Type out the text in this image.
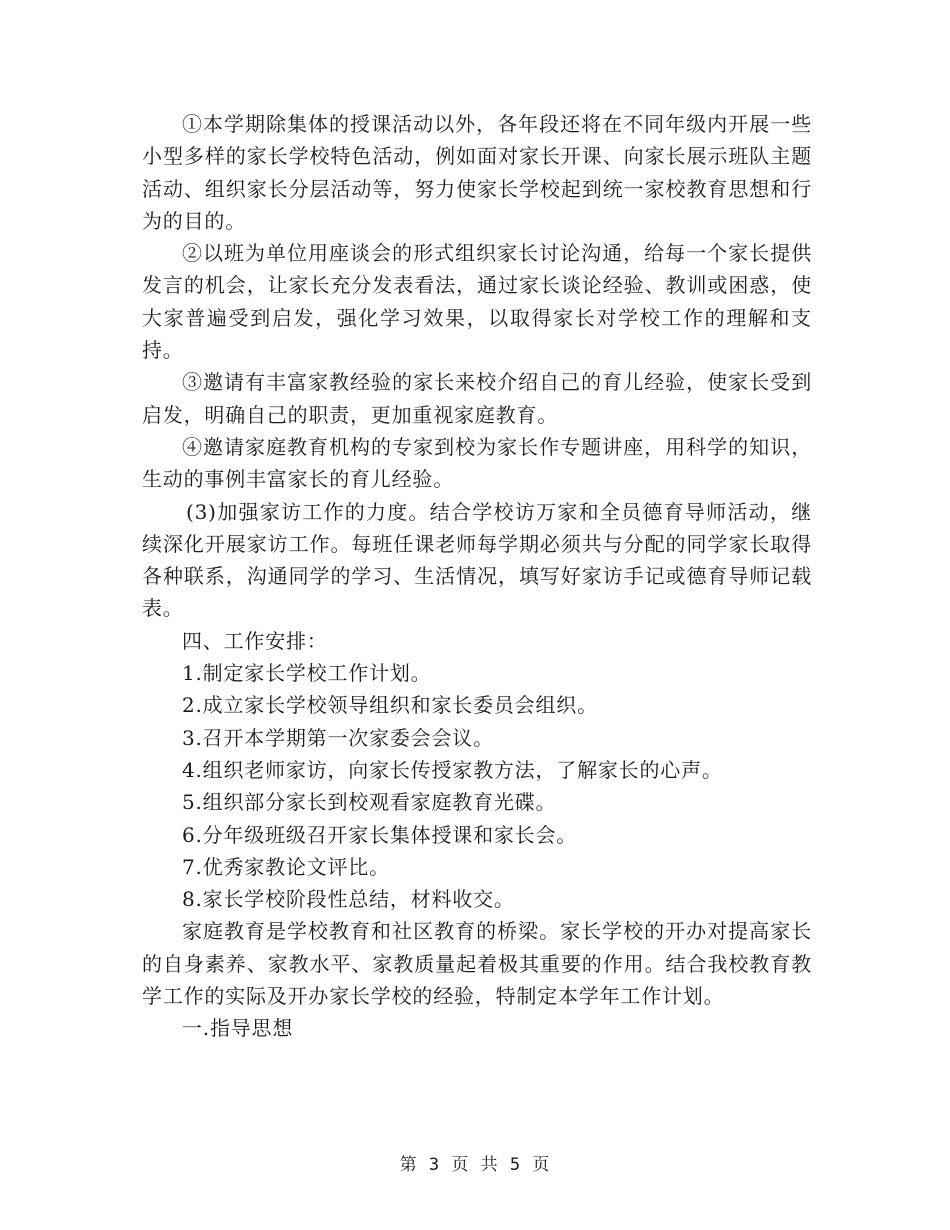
①本学期除集体的授课活动以外，各年段还将在不同年级内开展一些小型多样的家长学校特色活动，例如面对家长开课、向家长展示班队主题活动、组织家长分层活动等，努力使家长学校起到统一家校教育思想和行为的目的。

②以班为单位用座谈会的形式组织家长讨论沟通，给每一个家长提供发言的机会，让家长充分发表看法，通过家长谈论经验、教训或困惑，使大家普遍受到启发，强化学习效果，以取得家长对学校工作的理解和支持。

③邀请有丰富家教经验的家长来校介绍自己的育儿经验，使家长受到启发，明确自己的职责，更加重视家庭教育。

④邀请家庭教育机构的专家到校为家长作专题讲座，用科学的知识，生动的事例丰富家长的育儿经验。

(3)加强家访工作的力度。结合学校访万家和全员德育导师活动，继续深化开展家访工作。每班任课老师每学期必须共与分配的同学家长取得各种联系，沟通同学的学习、生活情况，填写好家访手记或德育导师记载表。

四、工作安排：

1.制定家长学校工作计划。

2.成立家长学校领导组织和家长委员会组织。

3.召开本学期第一次家委会会议。

4.组织老师家访，向家长传授家教方法，了解家长的心声。

5.组织部分家长到校观看家庭教育光碟。

6.分年级班级召开家长集体授课和家长会。

7.优秀家教论文评比。

8.家长学校阶段性总结，材料收交。

家庭教育是学校教育和社区教育的桥梁。家长学校的开办对提高家长的自身素养、家教水平、家教质量起着极其重要的作用。结合我校教育教学工作的实际及开办家长学校的经验，特制定本学年工作计划。

一.指导思想

第 3 页 共 5 页
